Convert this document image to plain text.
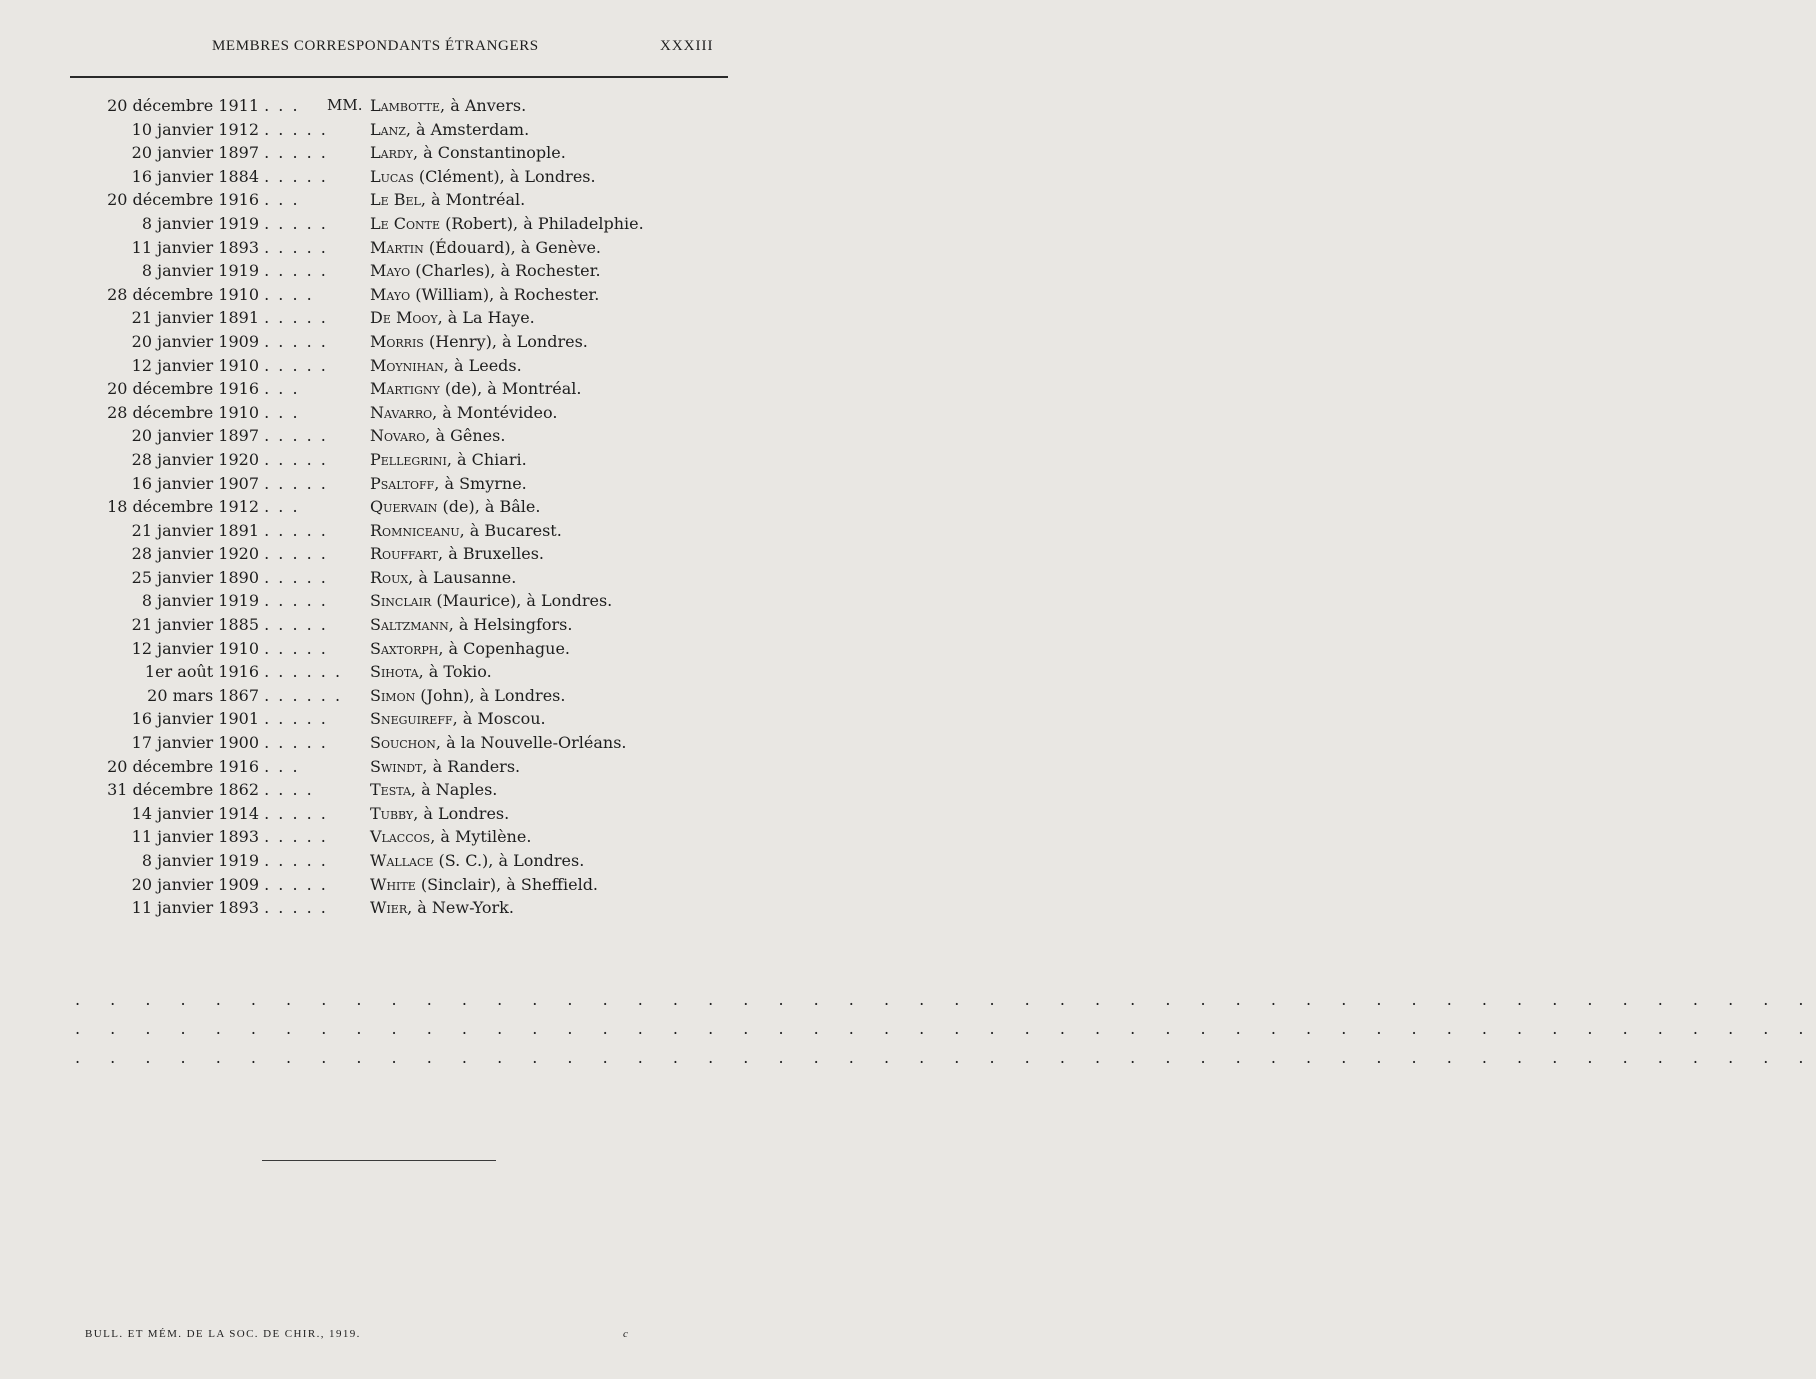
MEMBRES CORRESPONDANTS ÉTRANGERS	XXXIII
20 décembre 1911 . . .	MM. Lambotte, à Anvers.
10 janvier 1912 . . . . .	Lanz, à Amsterdam.
20 janvier 1897 . . . . .	Lardy, à Constantinople.
16 janvier 1884 . . . . .	Lucas (Clément), à Londres.
20 décembre 1916 . . .	Le Bel, à Montréal.
8 janvier 1919 . . . . .	Le Conte (Robert), à Philadelphie.
11 janvier 1893 . . . . .	Martin (Édouard), à Genève.
8 janvier 1919 . . . . .	Mayo (Charles), à Rochester.
28 décembre 1910 . . . .	Mayo (William), à Rochester.
21 janvier 1891 . . . . .	De Mooy, à La Haye.
20 janvier 1909 . . . . .	Morris (Henry), à Londres.
12 janvier 1910 . . . . .	Moynihan, à Leeds.
20 décembre 1916 . . .	Martigny (de), à Montréal.
28 décembre 1910 . . .	Navarro, à Montévideo.
20 janvier 1897 . . . . .	Novaro, à Gênes.
28 janvier 1920 . . . . .	Pellegrini, à Chiari.
16 janvier 1907 . . . . .	Psaltoff, à Smyrne.
18 décembre 1912 . . .	Quervain (de), à Bâle.
21 janvier 1891 . . . . .	Romniceanu, à Bucarest.
28 janvier 1920 . . . . .	Rouffart, à Bruxelles.
25 janvier 1890 . . . . .	Roux, à Lausanne.
8 janvier 1919 . . . . .	Sinclair (Maurice), à Londres.
21 janvier 1885 . . . . .	Saltzmann, à Helsingfors.
12 janvier 1910 . . . . .	Saxtorph, à Copenhague.
1er août 1916 . . . . . . Sihota, à Tokio.
20 mars 1867 . . . . . . Simon (John), à Londres.
16 janvier 1901 . . . . .	Sneguireff, à Moscou.
17 janvier 1900 . . . . .	Souchon, à la Nouvelle-Orléans.
20 décembre 1916 . . .	Swindt, à Randers.
31 décembre 1862 . . . .	Testa, à Naples.
14 janvier 1914 . . . . .	Tubby, à Londres.
11 janvier 1893 . . . . .	Vlaccos, à Mytilène.
8 janvier 1919 . . . . .	Wallace (S. C.), à Londres.
20 janvier 1909 . . . . .	White (Sinclair), à Sheffield.
11 janvier 1893 . . . . .	Wier, à New-York.
. . . . . . . . . . . . . . . . . . . . . . . . . . . . . . . . . . . . . . . . . . . . . . . . . .
. . . . . . . . . . . . . . . . . . . . . . . . . . . . . . . . . . . . . . . . . . . . . . . . . .
. . . . . . . . . . . . . . . . . . . . . . . . . . . . . . . . . . . . . . . . . . . . . . . . . .
BULL. ET MÉM. DE LA SOC. DE CHIR., 1919.	c
